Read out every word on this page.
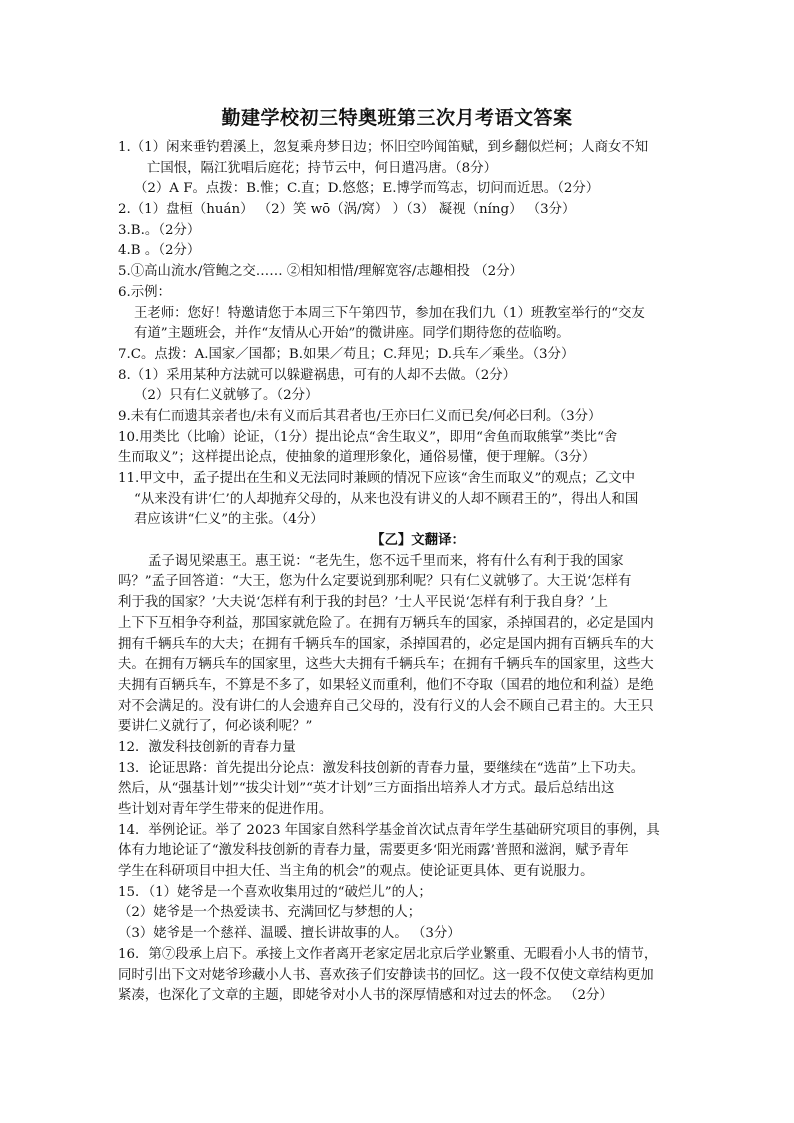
勤建学校初三特奥班第三次月考语文答案
1.（1）闲来垂钓碧溪上，忽复乘舟梦日边；怀旧空吟闻笛赋，到乡翻似烂柯；人商女不知
亡国恨，隔江犹唱后庭花；持节云中，何日遣冯唐。（8分）
（2）A F。点拨：B.惟；C.直；D.悠悠；E.博学而笃志，切问而近思。（2分）
2.（1）盘桓（huán） （2）笑 wō（涡/窝） ）（3） 凝视（níng） （3分）
3.B.。（2分）
4.B 。（2分）
5.①高山流水/管鲍之交…… ②相知相惜/理解宽容/志趣相投 （2分）
6.示例：
王老师：您好！特邀请您于本周三下午第四节，参加在我们九（1）班教室举行的“交友
有道”主题班会，并作“友情从心开始”的微讲座。同学们期待您的莅临哟。
7.C。点拨：A.国家／国都；B.如果／苟且；C.拜见；D.兵车／乘坐。（3分）
8.（1）采用某种方法就可以躲避祸患，可有的人却不去做。（2分）
（2）只有仁义就够了。（2分）
9.未有仁而遗其亲者也/未有义而后其君者也/王亦曰仁义而已矣/何必曰利。（3分）
10.用类比（比喻）论证，（1分）提出论点“舍生取义”，即用“舍鱼而取熊掌”类比“舍
生而取义”；这样提出论点，使抽象的道理形象化，通俗易懂，便于理解。（3分）
11.甲文中，孟子提出在生和义无法同时兼顾的情况下应该“舍生而取义”的观点；乙文中
“从来没有讲‘仁’的人却抛弃父母的，从来也没有讲义的人却不顾君王的”，得出人和国
君应该讲“仁义”的主张。（4分）
【乙】文翻译：
孟子谒见梁惠王。惠王说：“老先生，您不远千里而来，将有什么有利于我的国家
吗？”孟子回答道：“大王，您为什么定要说到那利呢？只有仁义就够了。大王说‘怎样有
利于我的国家？’大夫说‘怎样有利于我的封邑？’士人平民说‘怎样有利于我自身？’上
上下下互相争夺利益，那国家就危险了。在拥有万辆兵车的国家，杀掉国君的，必定是国内
拥有千辆兵车的大夫；在拥有千辆兵车的国家，杀掉国君的，必定是国内拥有百辆兵车的大
夫。在拥有万辆兵车的国家里，这些大夫拥有千辆兵车；在拥有千辆兵车的国家里，这些大
夫拥有百辆兵车，不算是不多了，如果轻义而重利，他们不夺取（国君的地位和利益）是绝
对不会满足的。没有讲仁的人会遗弃自己父母的，没有行义的人会不顾自己君主的。大王只
要讲仁义就行了，何必谈利呢？”
12．激发科技创新的青春力量
13．论证思路：首先提出分论点：激发科技创新的青春力量，要继续在“选苗”上下功夫。
然后，从“强基计划”“拔尖计划”“英才计划”三方面指出培养人才方式。最后总结出这
些计划对青年学生带来的促进作用。
14．举例论证。举了 2023 年国家自然科学基金首次试点青年学生基础研究项目的事例，具
体有力地论证了“激发科技创新的青春力量，需要更多‘阳光雨露’普照和滋润，赋予青年
学生在科研项目中担大任、当主角的机会”的观点。使论证更具体、更有说服力。
15．（1）姥爷是一个喜欢收集用过的“破烂儿”的人；
（2）姥爷是一个热爱读书、充满回忆与梦想的人；
（3）姥爷是一个慈祥、温暖、擅长讲故事的人。 （3分）
16．第⑦段承上启下。承接上文作者离开老家定居北京后学业繁重、无暇看小人书的情节，
同时引出下文对姥爷珍藏小人书、喜欢孩子们安静读书的回忆。这一段不仅使文章结构更加
紧凑，也深化了文章的主题，即姥爷对小人书的深厚情感和对过去的怀念。 （2分）
